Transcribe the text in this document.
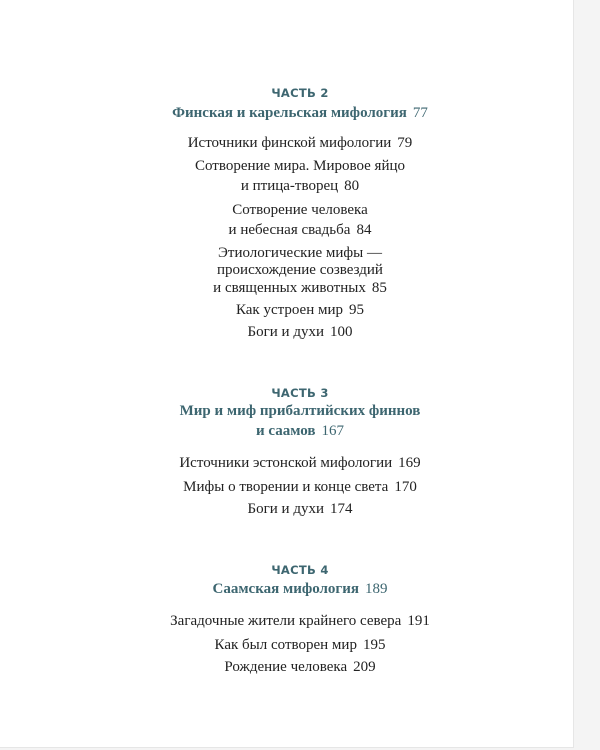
ЧАСТЬ 2
Финская и карельская мифология 77
Источники финской мифологии 79
Сотворение мира. Мировое яйцо
и птица-творец 80
Сотворение человека
и небесная свадьба 84
Этиологические мифы —
происхождение созвездий
и священных животных 85
Как устроен мир 95
Боги и духи 100
ЧАСТЬ 3
Мир и миф прибалтийских финнов
и саамов 167
Источники эстонской мифологии 169
Мифы о творении и конце света 170
Боги и духи 174
ЧАСТЬ 4
Саамская мифология 189
Загадочные жители крайнего севера 191
Как был сотворен мир 195
Рождение человека 209
